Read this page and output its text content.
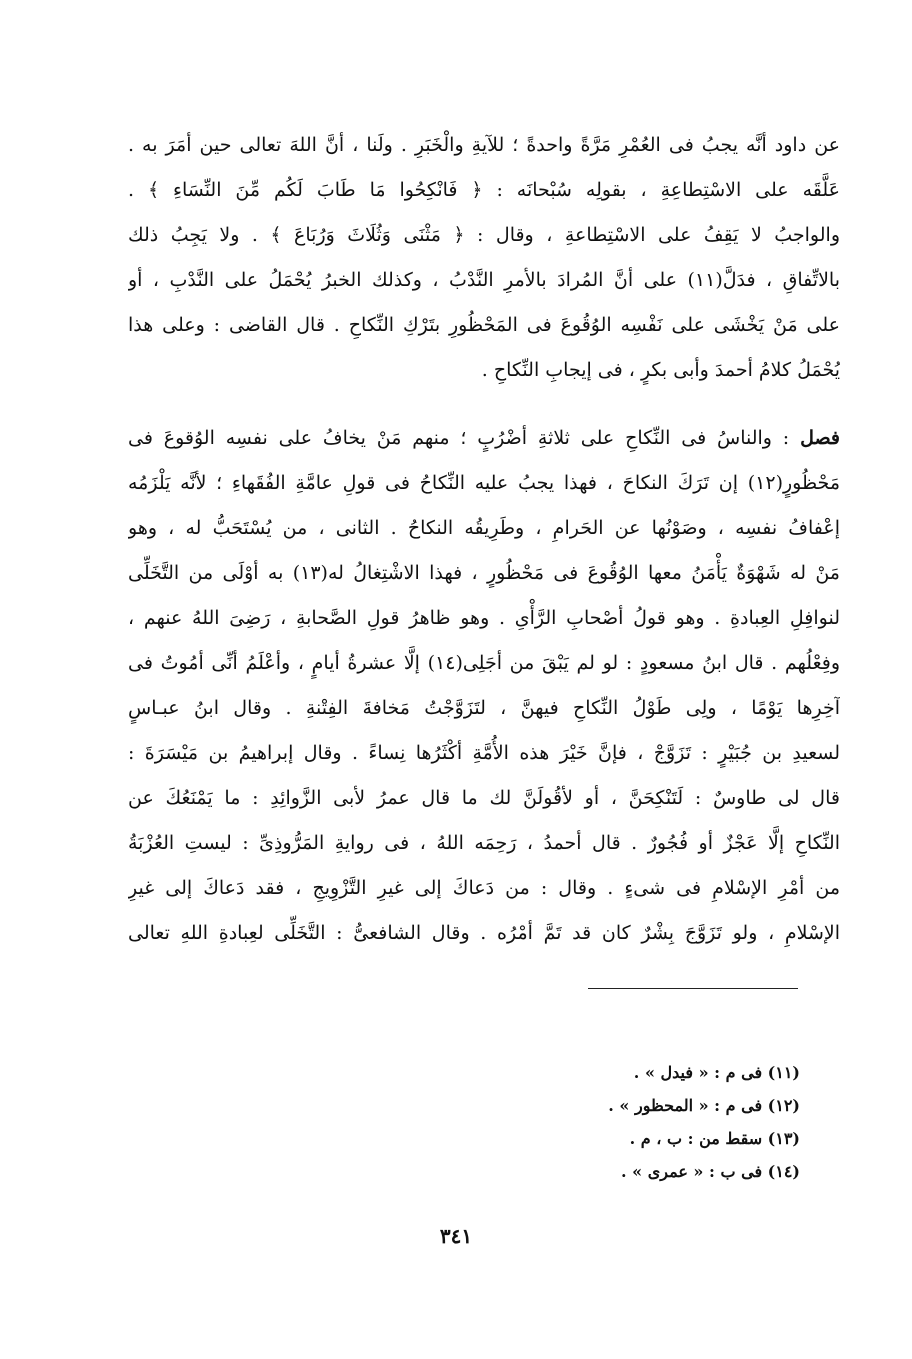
عن داود أنَّه يجبُ فى العُمْرِ مَرَّةً واحدةً ؛ للآيةِ والْخَبَرِ . ولَنا ، أنَّ اللهَ تعالى حين أمَرَ به .
عَلَّقَه على الاسْتِطاعِةِ ، بقولِه سُبْحانَه : ﴿ فَانْكِحُوا مَا طَابَ لَكُم مِّنَ النِّسَاءِ ﴾ .
والواجبُ لا يَقِفُ على الاسْتِطاعةِ ، وقال : ﴿ مَثْنَى وَثُلَاثَ وَرُبَاعَ ﴾ . ولا يَجِبُ ذلك
بالاتِّفاقِ ، فدَلَّ(١١) على أنَّ المُرادَ بالأمرِ النَّدْبُ ، وكذلك الخبرُ يُحْمَلُ على النَّدْبِ ، أو
على مَنْ يَخْشَى على نَفْسِه الوُقُوعَ فى المَحْظُورِ بتَرْكِ النِّكاحِ . قال القاضى : وعلى هذا
يُحْمَلُ كلامُ أحمدَ وأبى بكرٍ ، فى إيجابِ النِّكاحِ .
فصل : والناسُ فى النِّكاحِ على ثلاثةِ أضْرُبٍ ؛ منهم مَنْ يخافُ على نفسِه الوُقوعَ فى
مَحْظُورٍ(١٢) إن تَرَكَ النكاحَ ، فهذا يجبُ عليه النِّكاحُ فى قولِ عامَّةِ الفُقَهاءِ ؛ لأنَّه يَلْزَمُه
إعْفافُ نفسِه ، وصَوْنُها عن الحَرامِ ، وطَرِيقُه النكاحُ . الثانى ، من يُسْتَحَبُّ له ، وهو
مَنْ له شَهْوَةٌ يَأْمَنُ معها الوُقُوعَ فى مَحْظُورٍ ، فهذا الاشْتِغالُ له(١٣) به أوْلَى من التَّخَلِّى
لنوافِلِ العِبادةِ . وهو قولُ أصْحابِ الرَّأْىِ . وهو ظاهرُ قولِ الصَّحابةِ ، رَضِىَ اللهُ عنهم ،
وفِعْلُهم . قال ابنُ مسعودٍ : لو لم يَبْقَ من أجَلِى(١٤) إلَّا عشرةُ أيامٍ ، وأعْلَمُ أنِّى أمُوتُ فى
آخِرِها يَوْمًا ، ولِى طَوْلُ النِّكاحِ فيهنَّ ، لتَزَوَّجْتُ مَخافةَ الفِتْنةِ . وقال ابنُ عبـاسٍ
لسعيدِ بن جُبَيْرٍ : تَزَوَّجْ ، فإنَّ خَيْرَ هذه الأُمَّةِ أكْثَرُها نِساءً . وقال إبراهيمُ بن مَيْسَرَةَ :
قال لى طاوسٌ : لَتَنْكِحَنَّ ، أو لأقُولَنَّ لك ما قال عمرُ لأبى الزَّوائِدِ : ما يَمْنَعُكَ عن
النِّكاحِ إلَّا عَجْزٌ أو فُجُورٌ . قال أحمدُ ، رَحِمَه اللهُ ، فى روايةِ المَرُّوذِىِّ : ليستِ العُزْبَةُ
من أمْرِ الإسْلامِ فى شىءٍ . وقال : من دَعاكَ إلى غيرِ التَّزْوِيجِ ، فقد دَعاكَ إلى غيرِ
الإسْلامِ ، ولو تَزَوَّجَ بِشْرٌ كان قد تَمَّ أمْرُه . وقال الشافعىُّ : التَّخَلِّى لعِبادةِ اللهِ تعالى
(١١) فى م : « فيدل » .
(١٢) فى م : « المحظور » .
(١٣) سقط من : ب ، م .
(١٤) فى ب : « عمرى » .
٣٤١
